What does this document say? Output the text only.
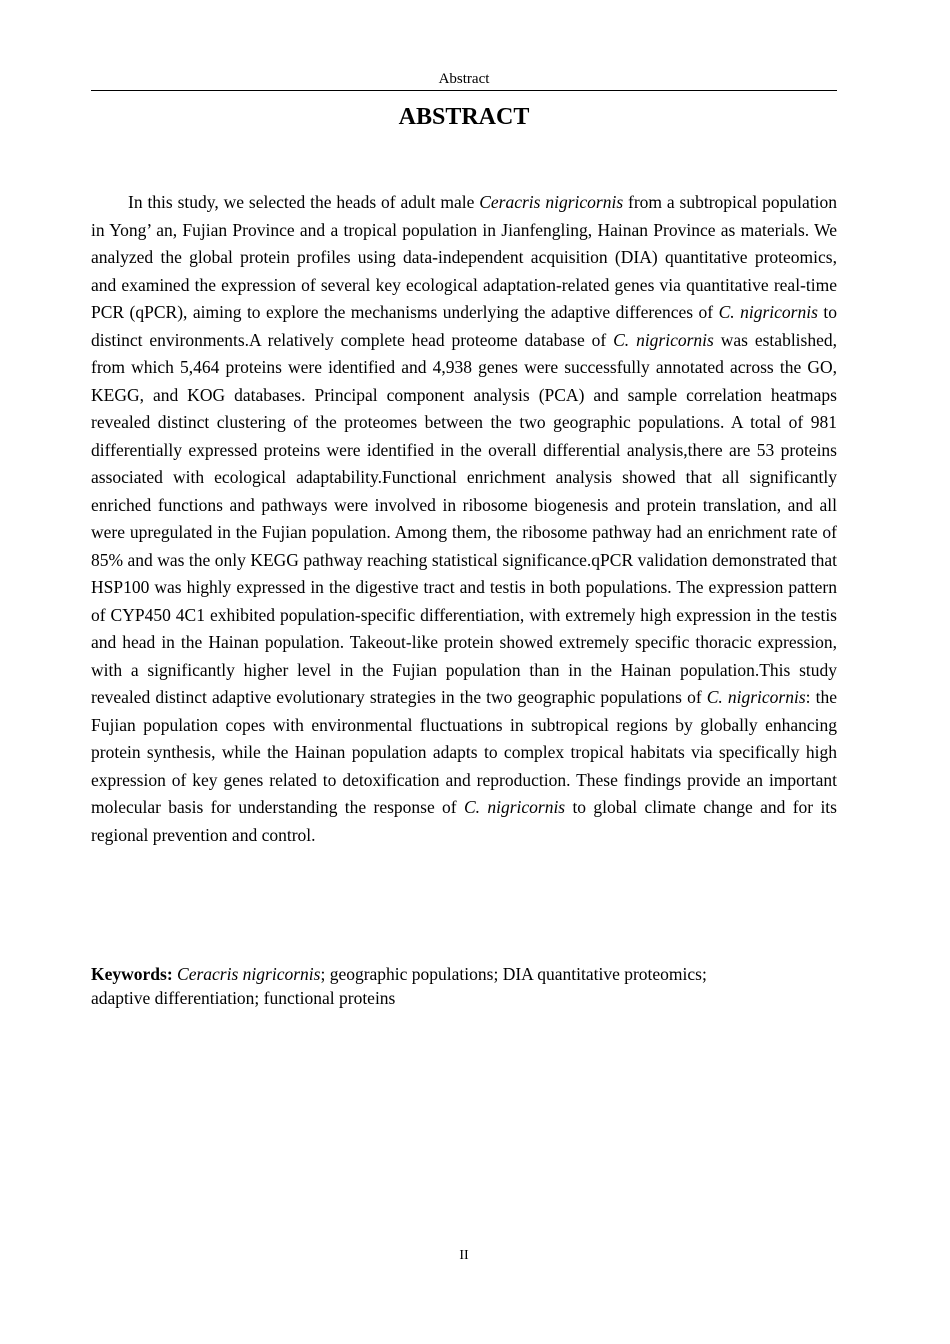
Abstract
ABSTRACT

In this study, we selected the heads of adult male Ceracris nigricornis from a subtropical population in Yong’ an, Fujian Province and a tropical population in Jianfengling, Hainan Province as materials. We analyzed the global protein profiles using data-independent acquisition (DIA) quantitative proteomics, and examined the expression of several key ecological adaptation-related genes via quantitative real-time PCR (qPCR), aiming to explore the mechanisms underlying the adaptive differences of C. nigricornis to distinct environments.A relatively complete head proteome database of C. nigricornis was established, from which 5,464 proteins were identified and 4,938 genes were successfully annotated across the GO, KEGG, and KOG databases. Principal component analysis (PCA) and sample correlation heatmaps revealed distinct clustering of the proteomes between the two geographic populations. A total of 981 differentially expressed proteins were identified in the overall differential analysis,there are 53 proteins associated with ecological adaptability.Functional enrichment analysis showed that all significantly enriched functions and pathways were involved in ribosome biogenesis and protein translation, and all were upregulated in the Fujian population. Among them, the ribosome pathway had an enrichment rate of 85% and was the only KEGG pathway reaching statistical significance.qPCR validation demonstrated that HSP100 was highly expressed in the digestive tract and testis in both populations. The expression pattern of CYP450 4C1 exhibited population-specific differentiation, with extremely high expression in the testis and head in the Hainan population. Takeout-like protein showed extremely specific thoracic expression, with a significantly higher level in the Fujian population than in the Hainan population.This study revealed distinct adaptive evolutionary strategies in the two geographic populations of C. nigricornis: the Fujian population copes with environmental fluctuations in subtropical regions by globally enhancing protein synthesis, while the Hainan population adapts to complex tropical habitats via specifically high expression of key genes related to detoxification and reproduction. These findings provide an important molecular basis for understanding the response of C. nigricornis to global climate change and for its regional prevention and control.

Keywords: Ceracris nigricornis; geographic populations; DIA quantitative proteomics;
adaptive differentiation; functional proteins

II
